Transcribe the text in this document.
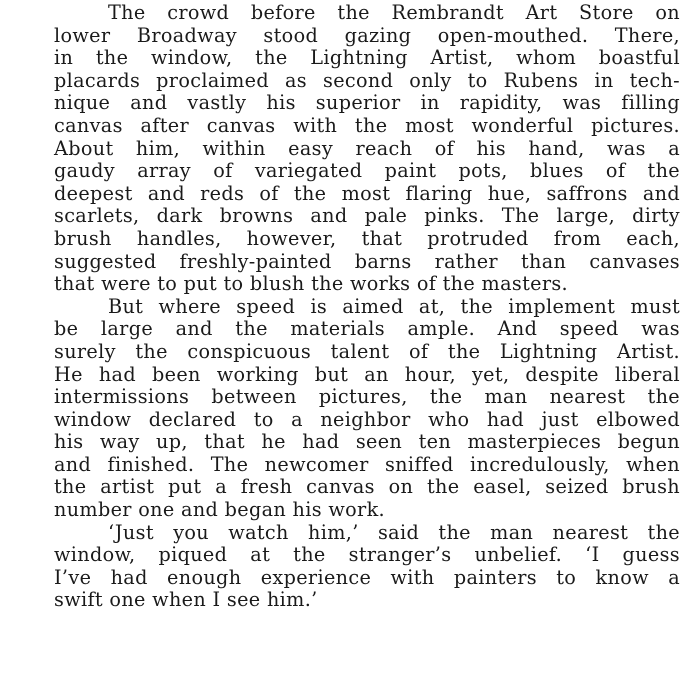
The crowd before the Rembrandt Art Store on
lower Broadway stood gazing open-mouthed. There,
in the window, the Lightning Artist, whom boastful
placards proclaimed as second only to Rubens in tech-
nique and vastly his superior in rapidity, was filling
canvas after canvas with the most wonderful pictures.
About him, within easy reach of his hand, was a
gaudy array of variegated paint pots, blues of the
deepest and reds of the most flaring hue, saffrons and
scarlets, dark browns and pale pinks. The large, dirty
brush handles, however, that protruded from each,
suggested freshly-painted barns rather than canvases
that were to put to blush the works of the masters.
But where speed is aimed at, the implement must
be large and the materials ample. And speed was
surely the conspicuous talent of the Lightning Artist.
He had been working but an hour, yet, despite liberal
intermissions between pictures, the man nearest the
window declared to a neighbor who had just elbowed
his way up, that he had seen ten masterpieces begun
and finished. The newcomer sniffed incredulously, when
the artist put a fresh canvas on the easel, seized brush
number one and began his work.
‘Just you watch him,’ said the man nearest the
window, piqued at the stranger’s unbelief. ‘I guess
I’ve had enough experience with painters to know a
swift one when I see him.’
